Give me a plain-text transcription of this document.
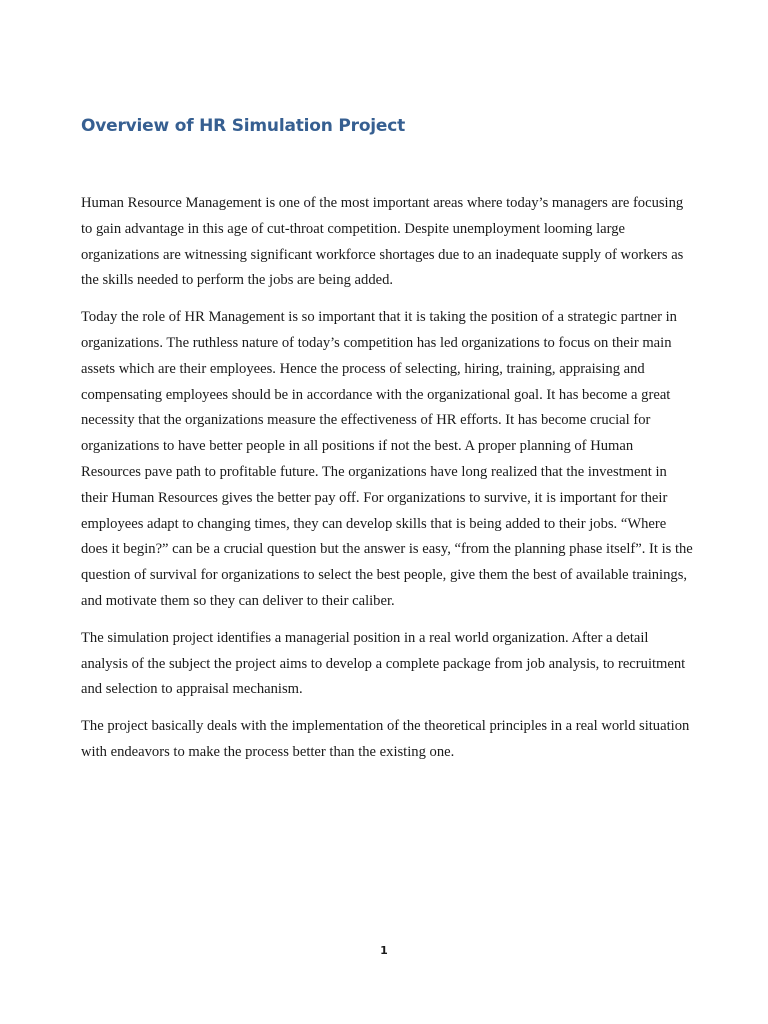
Overview of HR Simulation Project

Human Resource Management is one of the most important areas where today’s managers are focusing to gain advantage in this age of cut-throat competition. Despite unemployment looming large organizations are witnessing significant workforce shortages due to an inadequate supply of workers as the skills needed to perform the jobs are being added.

Today the role of HR Management is so important that it is taking the position of a strategic partner in organizations. The ruthless nature of today’s competition has led organizations to focus on their main assets which are their employees. Hence the process of selecting, hiring, training, appraising and compensating employees should be in accordance with the organizational goal. It has become a great necessity that the organizations measure the effectiveness of HR efforts. It has become crucial for organizations to have better people in all positions if not the best. A proper planning of Human Resources pave path to profitable future. The organizations have long realized that the investment in their Human Resources gives the better pay off. For organizations to survive, it is important for their employees adapt to changing times, they can develop skills that is being added to their jobs. “Where does it begin?” can be a crucial question but the answer is easy, “from the planning phase itself”. It is the question of survival for organizations to select the best people, give them the best of available trainings, and motivate them so they can deliver to their caliber.

The simulation project identifies a managerial position in a real world organization. After a detail analysis of the subject the project aims to develop a complete package from job analysis, to recruitment and selection to appraisal mechanism.

The project basically deals with the implementation of the theoretical principles in a real world situation with endeavors to make the process better than the existing one.

1
